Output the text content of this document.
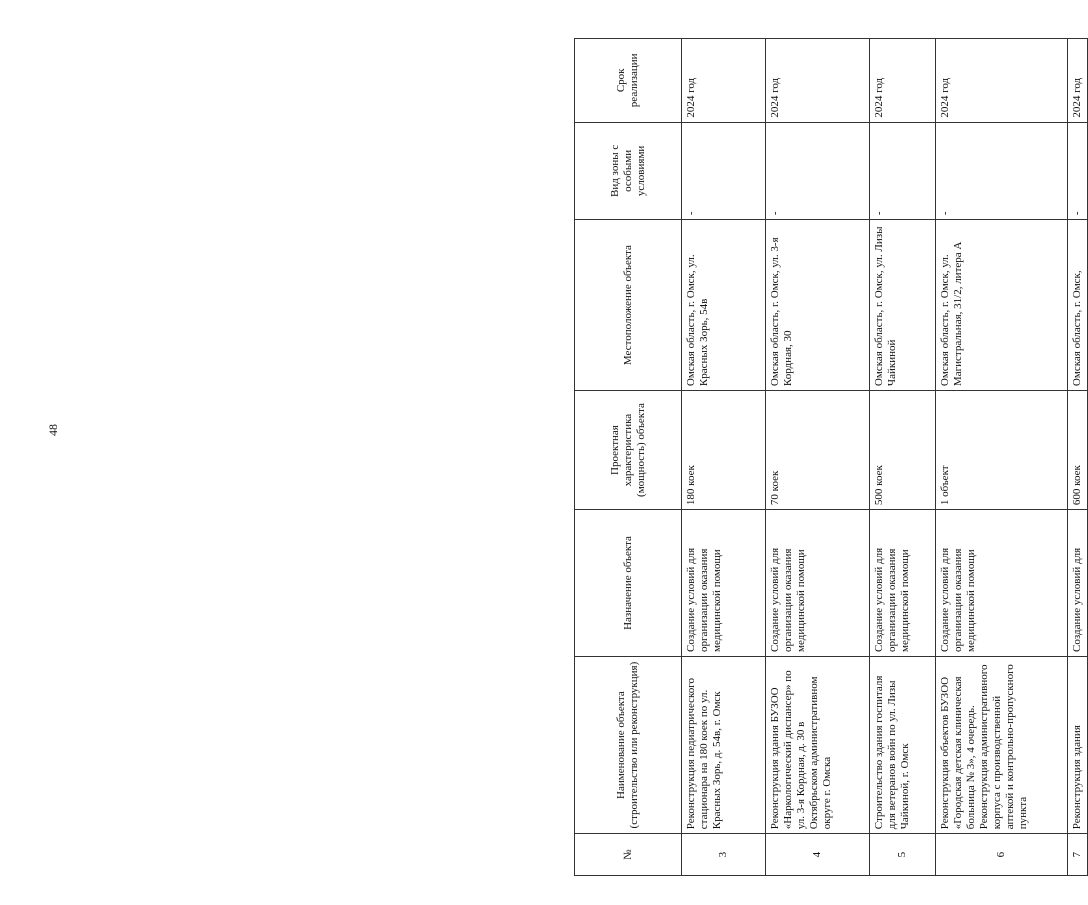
48
№	Наименование объекта (строительство или реконструкция)	Назначение объекта	Проектная характеристика (мощность) объекта	Местоположение объекта	Вид зоны с особыми условиями	Срок реализации
3	Реконструкция педиатрического стационара на 180 коек по ул. Красных Зорь, д. 54в, г. Омск	Создание условий для организации оказания медицинской помощи	180 коек	Омская область, г. Омск, ул. Красных Зорь, 54в	-	2024 год
4	Реконструкция здания БУЗОО «Наркологический диспансер» по ул. 3-я Кордная, д. 30 в Октябрьском административном округе г. Омска	Создание условий для организации оказания медицинской помощи	70 коек	Омская область, г. Омск, ул. 3-я Кордная, 30	-	2024 год
5	Строительство здания госпиталя для ветеранов войн по ул. Лизы Чайкиной, г. Омск	Создание условий для организации оказания медицинской помощи	500 коек	Омская область, г. Омск, ул. Лизы Чайкиной	-	2024 год
6	Реконструкция объектов БУЗОО «Городская детская клиническая больница № 3», 4 очередь. Реконструкция административного корпуса с производственной аптекой и контрольно-пропускного пункта	Создание условий для организации оказания медицинской помощи	1 объект	Омская область, г. Омск, ул. Магистральная, 31/2, литера А	-	2024 год
7	Реконструкция здания	Создание условий для	600 коек	Омская область, г. Омск,	-	2024 год
